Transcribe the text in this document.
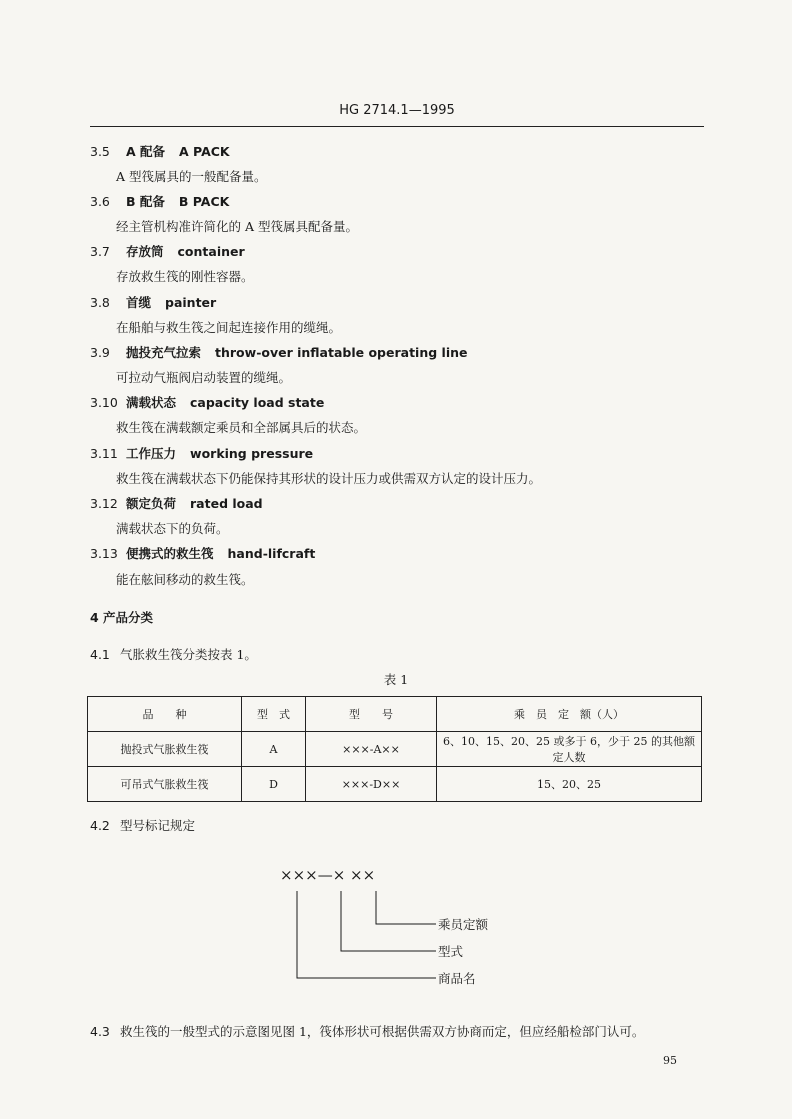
HG 2714.1—1995
3.5 A 配备 A PACK
A 型筏属具的一般配备量。
3.6 B 配备 B PACK
经主管机构准许简化的 A 型筏属具配备量。
3.7 存放筒 container
存放救生筏的刚性容器。
3.8 首缆 painter
在船舶与救生筏之间起连接作用的缆绳。
3.9 抛投充气拉索 throw-over inflatable operating line
可拉动气瓶阀启动装置的缆绳。
3.10 满载状态 capacity load state
救生筏在满载额定乘员和全部属具后的状态。
3.11 工作压力 working pressure
救生筏在满载状态下仍能保持其形状的设计压力或供需双方认定的设计压力。
3.12 额定负荷 rated load
满载状态下的负荷。
3.13 便携式的救生筏 hand-lifcraft
能在舷间移动的救生筏。
4 产品分类
4.1 气胀救生筏分类按表 1。
表 1
品　　种	型　式	型　　号	乘　员　定　额（人）
抛投式气胀救生筏	A	×××-A××	6、10、15、20、25 或多于 6，少于 25 的其他额定人数
可吊式气胀救生筏	D	×××-D××	15、20、25
4.2 型号标记规定
×××—× ××
乘员定额
型式
商品名
4.3 救生筏的一般型式的示意图见图 1，筏体形状可根据供需双方协商而定，但应经船检部门认可。
95
